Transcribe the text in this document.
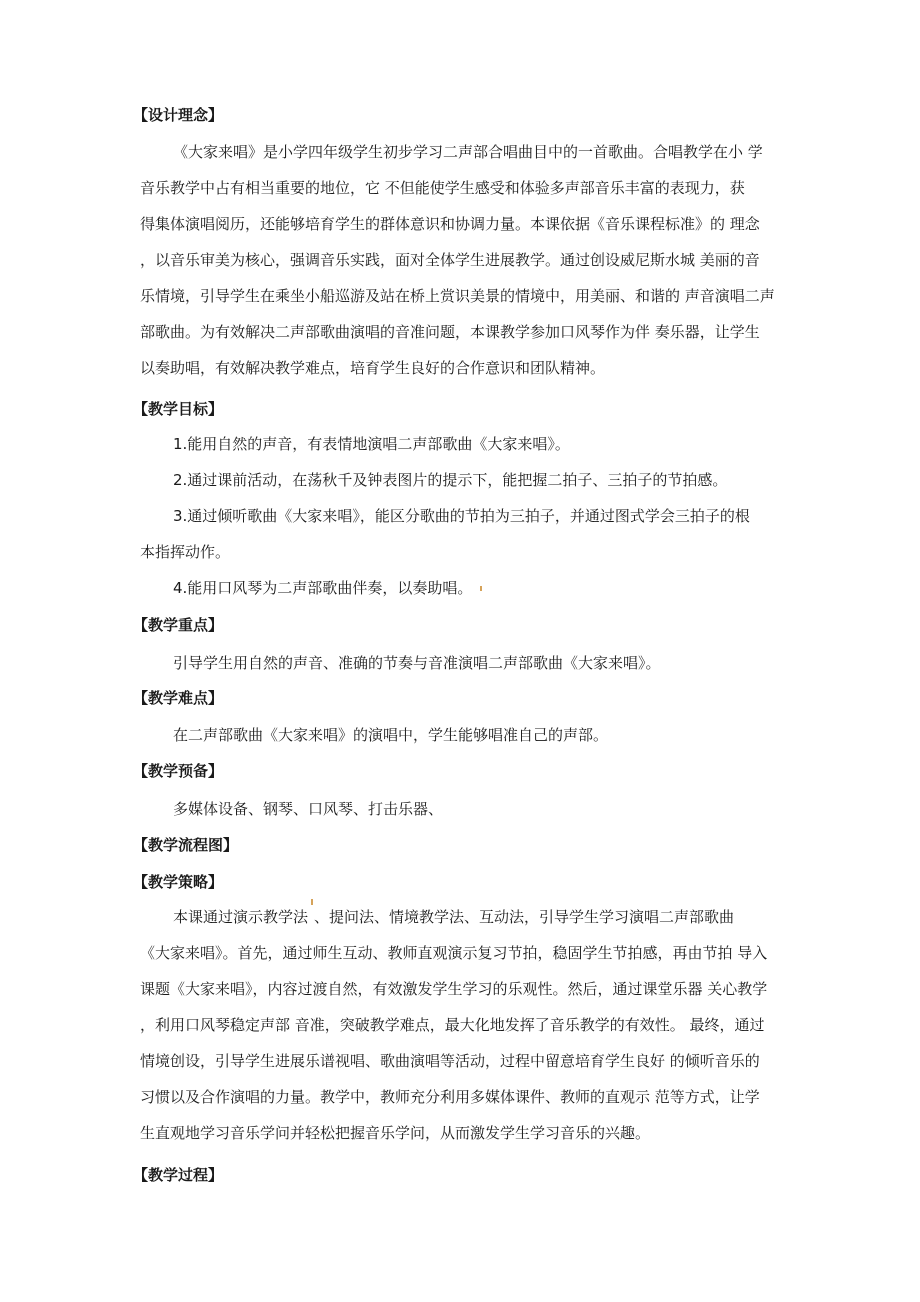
【设计理念】
《大家来唱》是小学四年级学生初步学习二声部合唱曲目中的一首歌曲。合唱教学在小 学
音乐教学中占有相当重要的地位，它 不但能使学生感受和体验多声部音乐丰富的表现力，获
得集体演唱阅历，还能够培育学生的群体意识和协调力量。本课依据《音乐课程标准》的 理念
，以音乐审美为核心，强调音乐实践，面对全体学生进展教学。通过创设威尼斯水城 美丽的音
乐情境，引导学生在乘坐小船巡游及站在桥上赏识美景的情境中，用美丽、和谐的 声音演唱二声
部歌曲。为有效解决二声部歌曲演唱的音准问题，本课教学参加口风琴作为伴 奏乐器，让学生
以奏助唱，有效解决教学难点，培育学生良好的合作意识和团队精神。
【教学目标】
1.能用自然的声音，有表情地演唱二声部歌曲《大家来唱》。
2.通过课前活动，在荡秋千及钟表图片的提示下，能把握二拍子、三拍子的节拍感。
3.通过倾听歌曲《大家来唱》，能区分歌曲的节拍为三拍子，并通过图式学会三拍子的根
本指挥动作。
4.能用口风琴为二声部歌曲伴奏，以奏助唱。
【教学重点】
引导学生用自然的声音、准确的节奏与音准演唱二声部歌曲《大家来唱》。
【教学难点】
在二声部歌曲《大家来唱》的演唱中，学生能够唱准自己的声部。
【教学预备】
多媒体设备、钢琴、口风琴、打击乐器、
【教学流程图】
【教学策略】
本课通过演示教学法 、提问法、情境教学法、互动法，引导学生学习演唱二声部歌曲
《大家来唱》。首先，通过师生互动、教师直观演示复习节拍，稳固学生节拍感，再由节拍 导入
课题《大家来唱》，内容过渡自然，有效激发学生学习的乐观性。然后，通过课堂乐器 关心教学
，利用口风琴稳定声部 音准，突破教学难点，最大化地发挥了音乐教学的有效性。 最终，通过
情境创设，引导学生进展乐谱视唱、歌曲演唱等活动，过程中留意培育学生良好 的倾听音乐的
习惯以及合作演唱的力量。教学中，教师充分利用多媒体课件、教师的直观示 范等方式，让学
生直观地学习音乐学问并轻松把握音乐学问，从而激发学生学习音乐的兴趣。
【教学过程】
